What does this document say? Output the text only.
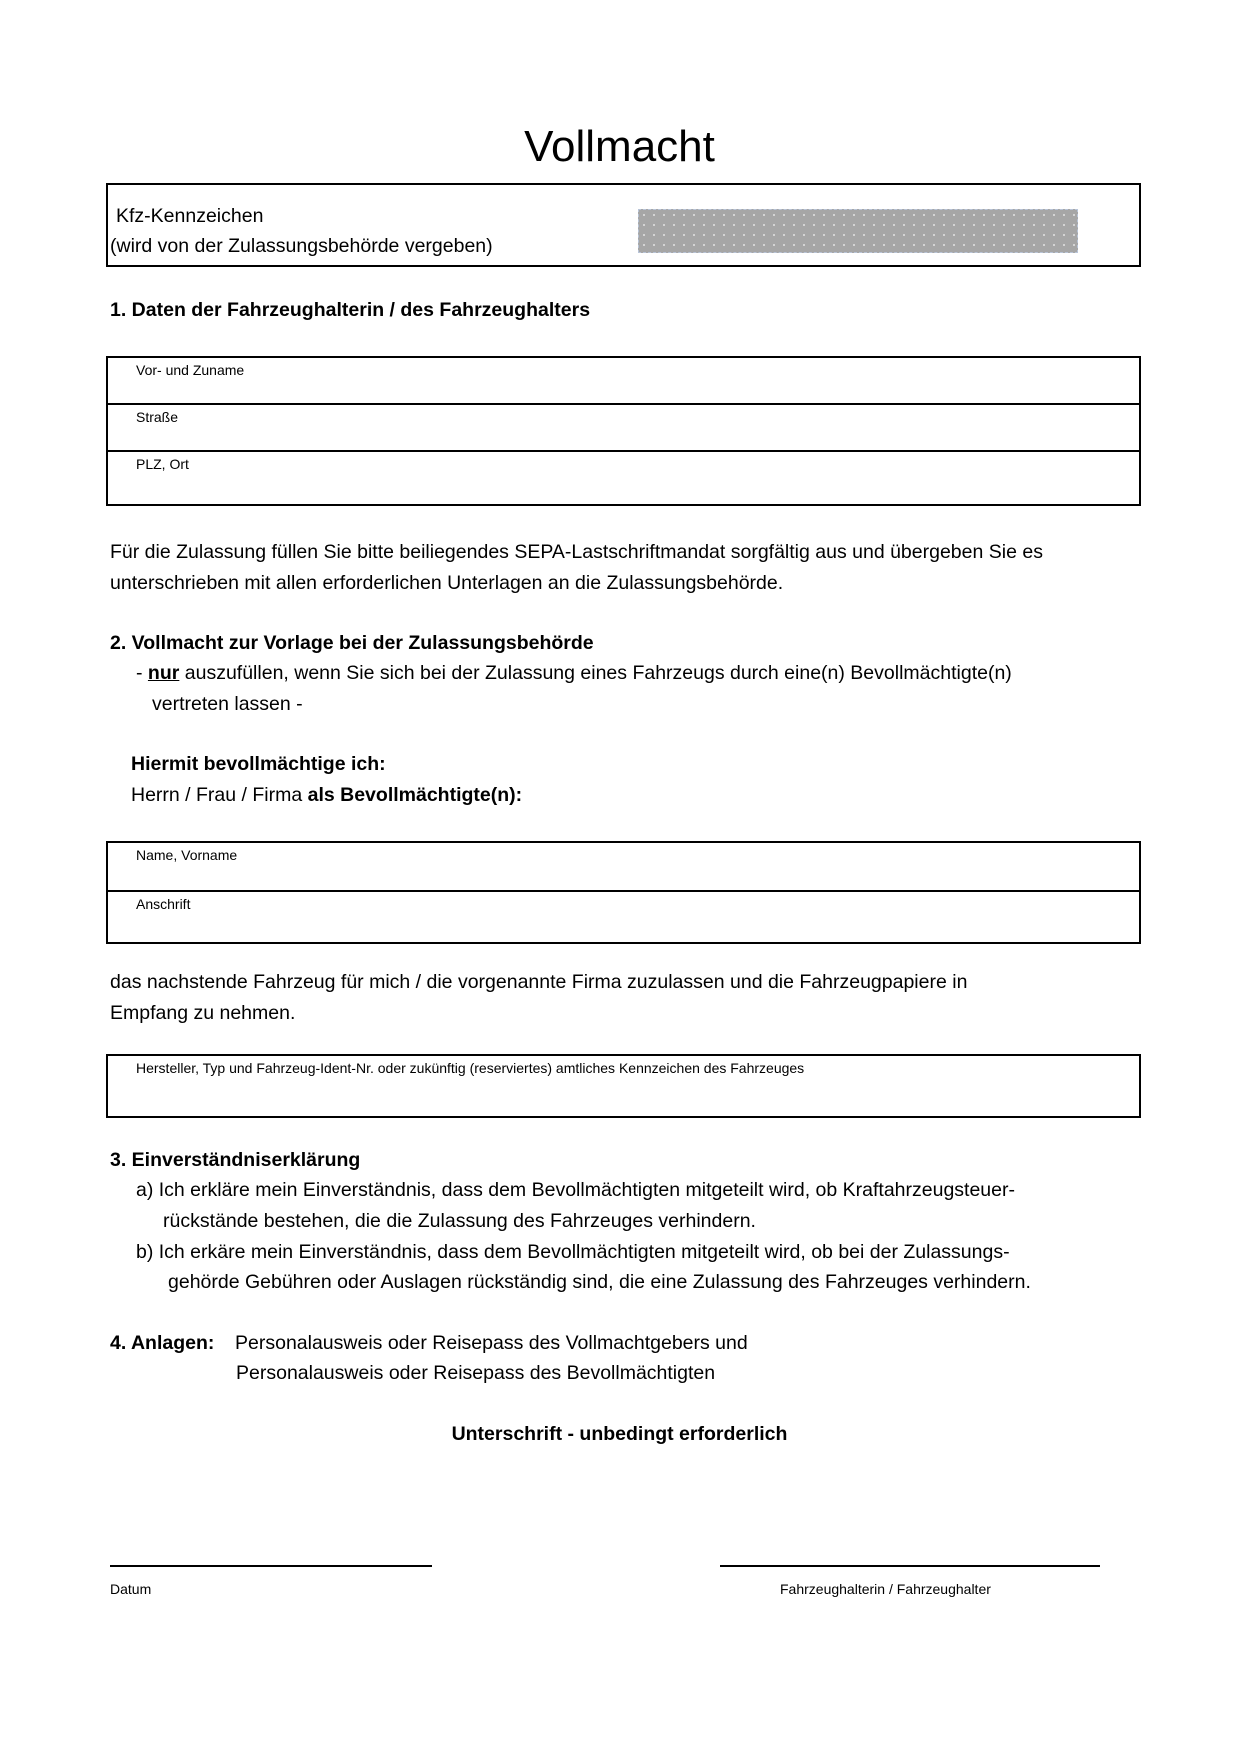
Vollmacht
Kfz-Kennzeichen
(wird von der Zulassungsbehörde vergeben)
1. Daten der Fahrzeughalterin / des Fahrzeughalters
Vor- und Zuname
Straße
PLZ, Ort
Für die Zulassung füllen Sie bitte beiliegendes SEPA-Lastschriftmandat sorgfältig aus und übergeben Sie es
unterschrieben mit allen erforderlichen Unterlagen an die Zulassungsbehörde.
2. Vollmacht zur Vorlage bei der Zulassungsbehörde
- nur auszufüllen, wenn Sie sich bei der Zulassung eines Fahrzeugs durch eine(n) Bevollmächtigte(n)
vertreten lassen -
Hiermit bevollmächtige ich:
Herrn / Frau / Firma als Bevollmächtigte(n):
Name, Vorname
Anschrift
das nachstende Fahrzeug für mich / die vorgenannte Firma zuzulassen und die Fahrzeugpapiere in
Empfang zu nehmen.
Hersteller, Typ und Fahrzeug-Ident-Nr. oder zukünftig (reserviertes) amtliches Kennzeichen des Fahrzeuges
3. Einverständniserklärung
a) Ich erkläre mein Einverständnis, dass dem Bevollmächtigten mitgeteilt wird, ob Kraftahrzeugsteuer-
rückstände bestehen, die die Zulassung des Fahrzeuges verhindern.
b) Ich erkäre mein Einverständnis, dass dem Bevollmächtigten mitgeteilt wird, ob bei der Zulassungs-
gehörde Gebühren oder Auslagen rückständig sind, die eine Zulassung des Fahrzeuges verhindern.
4. Anlagen: Personalausweis oder Reisepass des Vollmachtgebers und
Personalausweis oder Reisepass des Bevollmächtigten
Unterschrift - unbedingt erforderlich
Datum	Fahrzeughalterin / Fahrzeughalter
